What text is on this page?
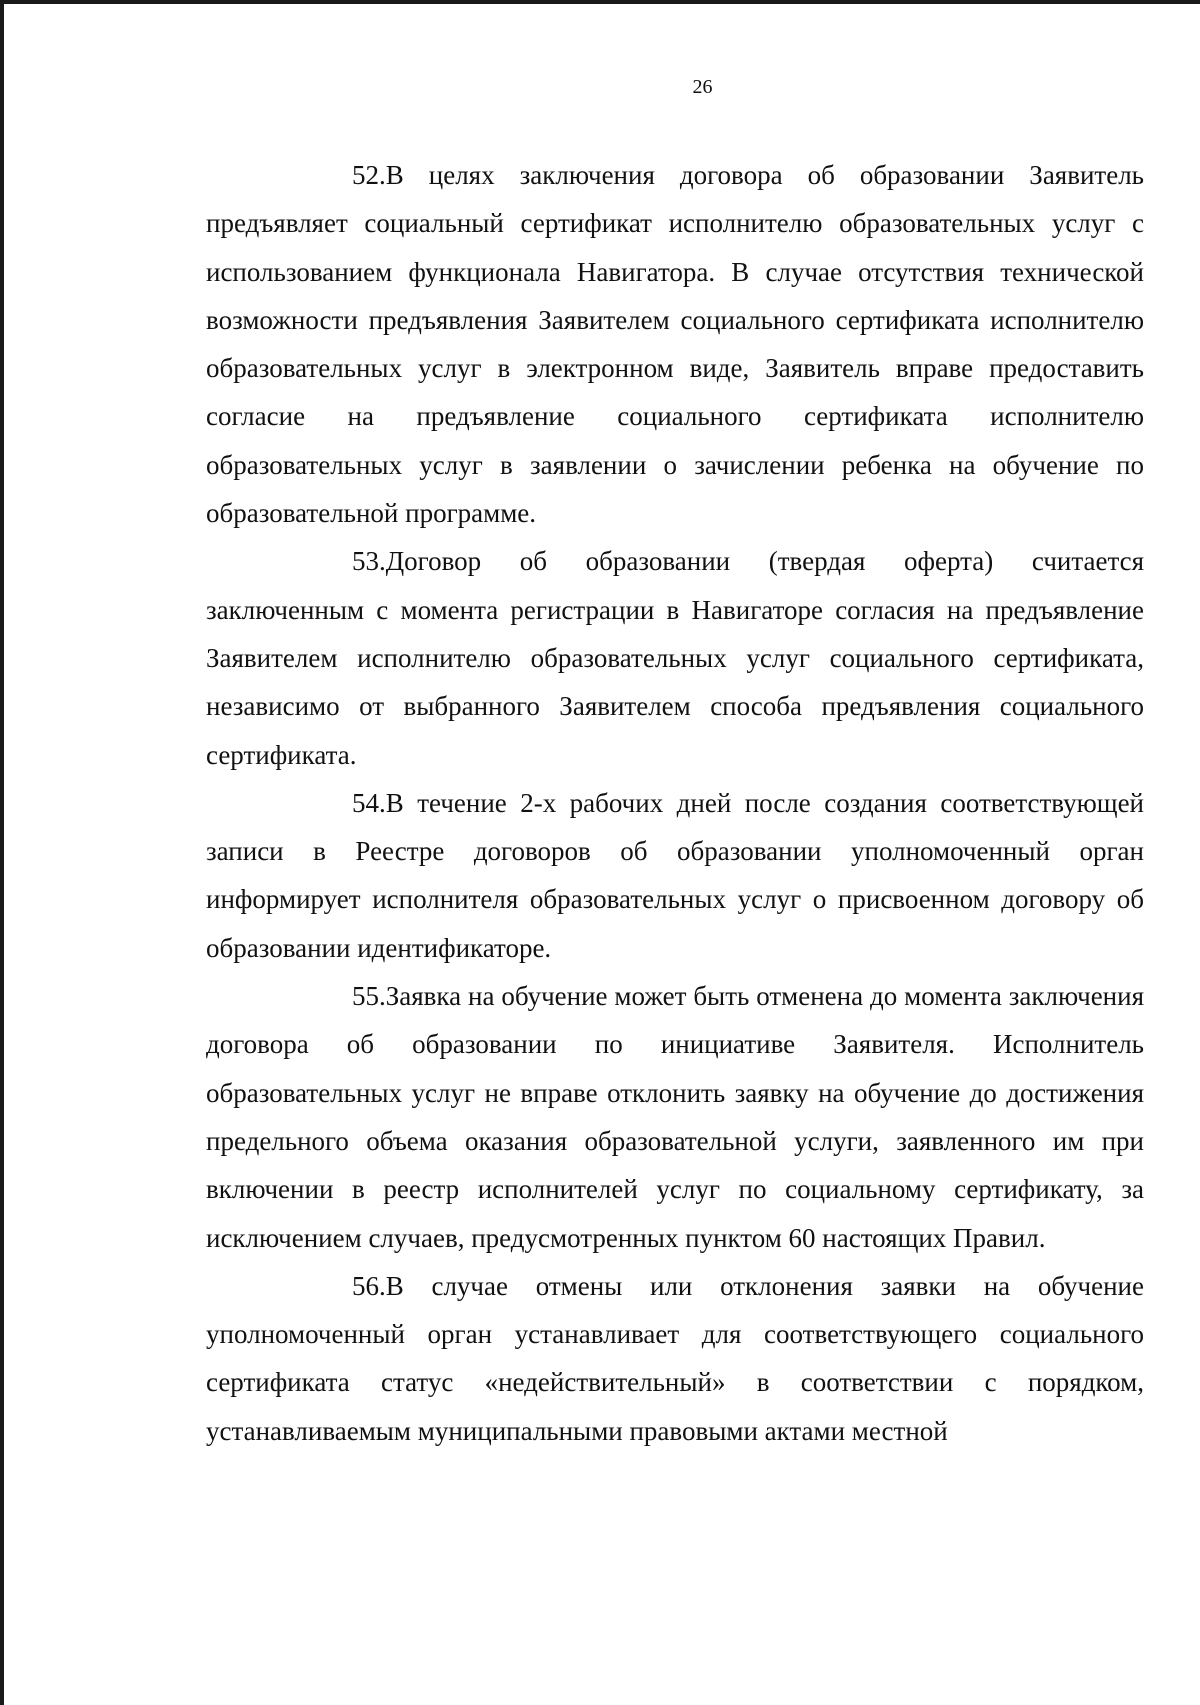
26

52.В целях заключения договора об образовании Заявитель предъявляет социальный сертификат исполнителю образовательных услуг с использованием функционала Навигатора. В случае отсутствия технической возможности предъявления Заявителем социального сертификата исполнителю образовательных услуг в электронном виде, Заявитель вправе предоставить согласие на предъявление социального сертификата исполнителю образовательных услуг в заявлении о зачислении ребенка на обучение по образовательной программе.

53.Договор об образовании (твердая оферта) считается заключенным с момента регистрации в Навигаторе согласия на предъявление Заявителем исполнителю образовательных услуг социального сертификата, независимо от выбранного Заявителем способа предъявления социального сертификата.

54.В течение 2-х рабочих дней после создания соответствующей записи в Реестре договоров об образовании уполномоченный орган информирует исполнителя образовательных услуг о присвоенном договору об образовании идентификаторе.

55.Заявка на обучение может быть отменена до момента заключения договора об образовании по инициативе Заявителя. Исполнитель образовательных услуг не вправе отклонить заявку на обучение до достижения предельного объема оказания образовательной услуги, заявленного им при включении в реестр исполнителей услуг по социальному сертификату, за исключением случаев, предусмотренных пунктом 60 настоящих Правил.

56.В случае отмены или отклонения заявки на обучение уполномоченный орган устанавливает для соответствующего социального сертификата статус «недействительный» в соответствии с порядком, устанавливаемым муниципальными правовыми актами местной
